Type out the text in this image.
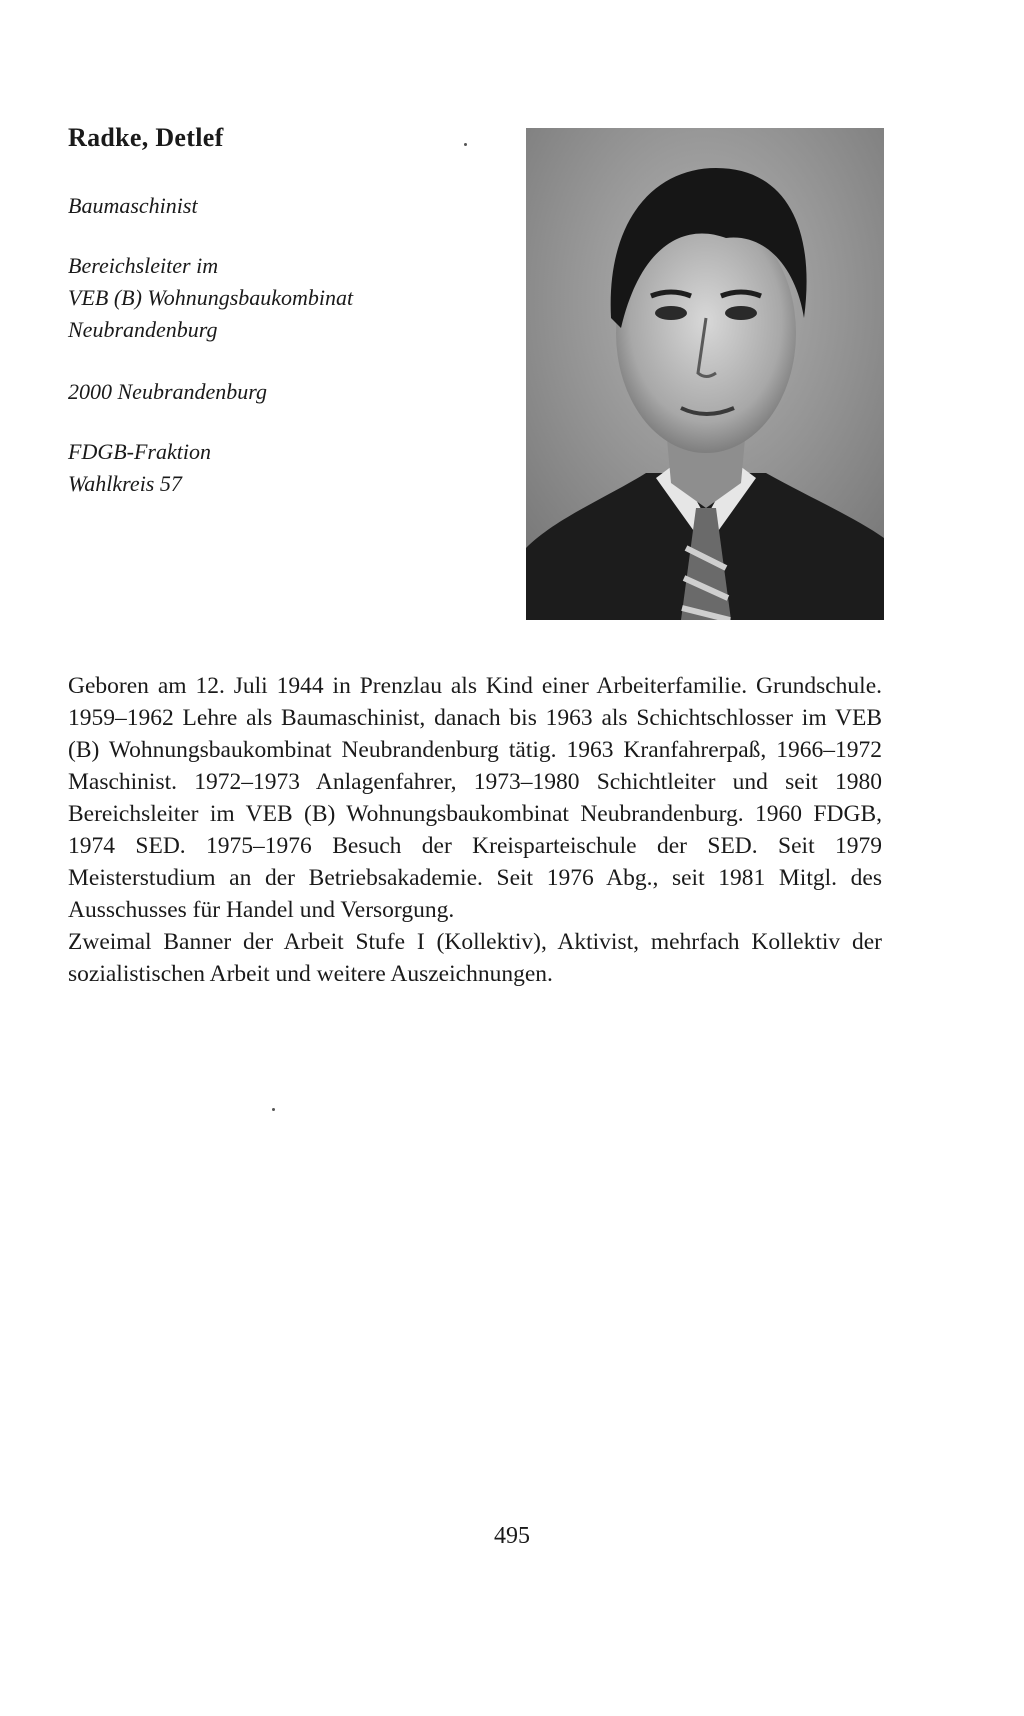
Radke, Detlef
Baumaschinist
Bereichsleiter im
VEB (B) Wohnungsbaukombinat
Neubrandenburg
2000 Neubrandenburg
FDGB-Fraktion
Wahlkreis 57

Geboren am 12. Juli 1944 in Prenzlau als Kind einer Arbeiterfamilie. Grundschule. 1959–1962 Lehre als Baumaschinist, danach bis 1963 als Schichtschlosser im VEB (B) Wohnungsbaukombinat Neubrandenburg tätig. 1963 Kranfahrerpaß, 1966–1972 Maschinist. 1972–1973 Anlagenfahrer, 1973–1980 Schichtleiter und seit 1980 Bereichsleiter im VEB (B) Wohnungsbaukombinat Neubrandenburg. 1960 FDGB, 1974 SED. 1975–1976 Besuch der Kreisparteischule der SED. Seit 1979 Meisterstudium an der Betriebsakademie. Seit 1976 Abg., seit 1981 Mitgl. des Ausschusses für Handel und Versorgung.

Zweimal Banner der Arbeit Stufe I (Kollektiv), Aktivist, mehrfach Kollektiv der sozialistischen Arbeit und weitere Auszeichnungen.

495
